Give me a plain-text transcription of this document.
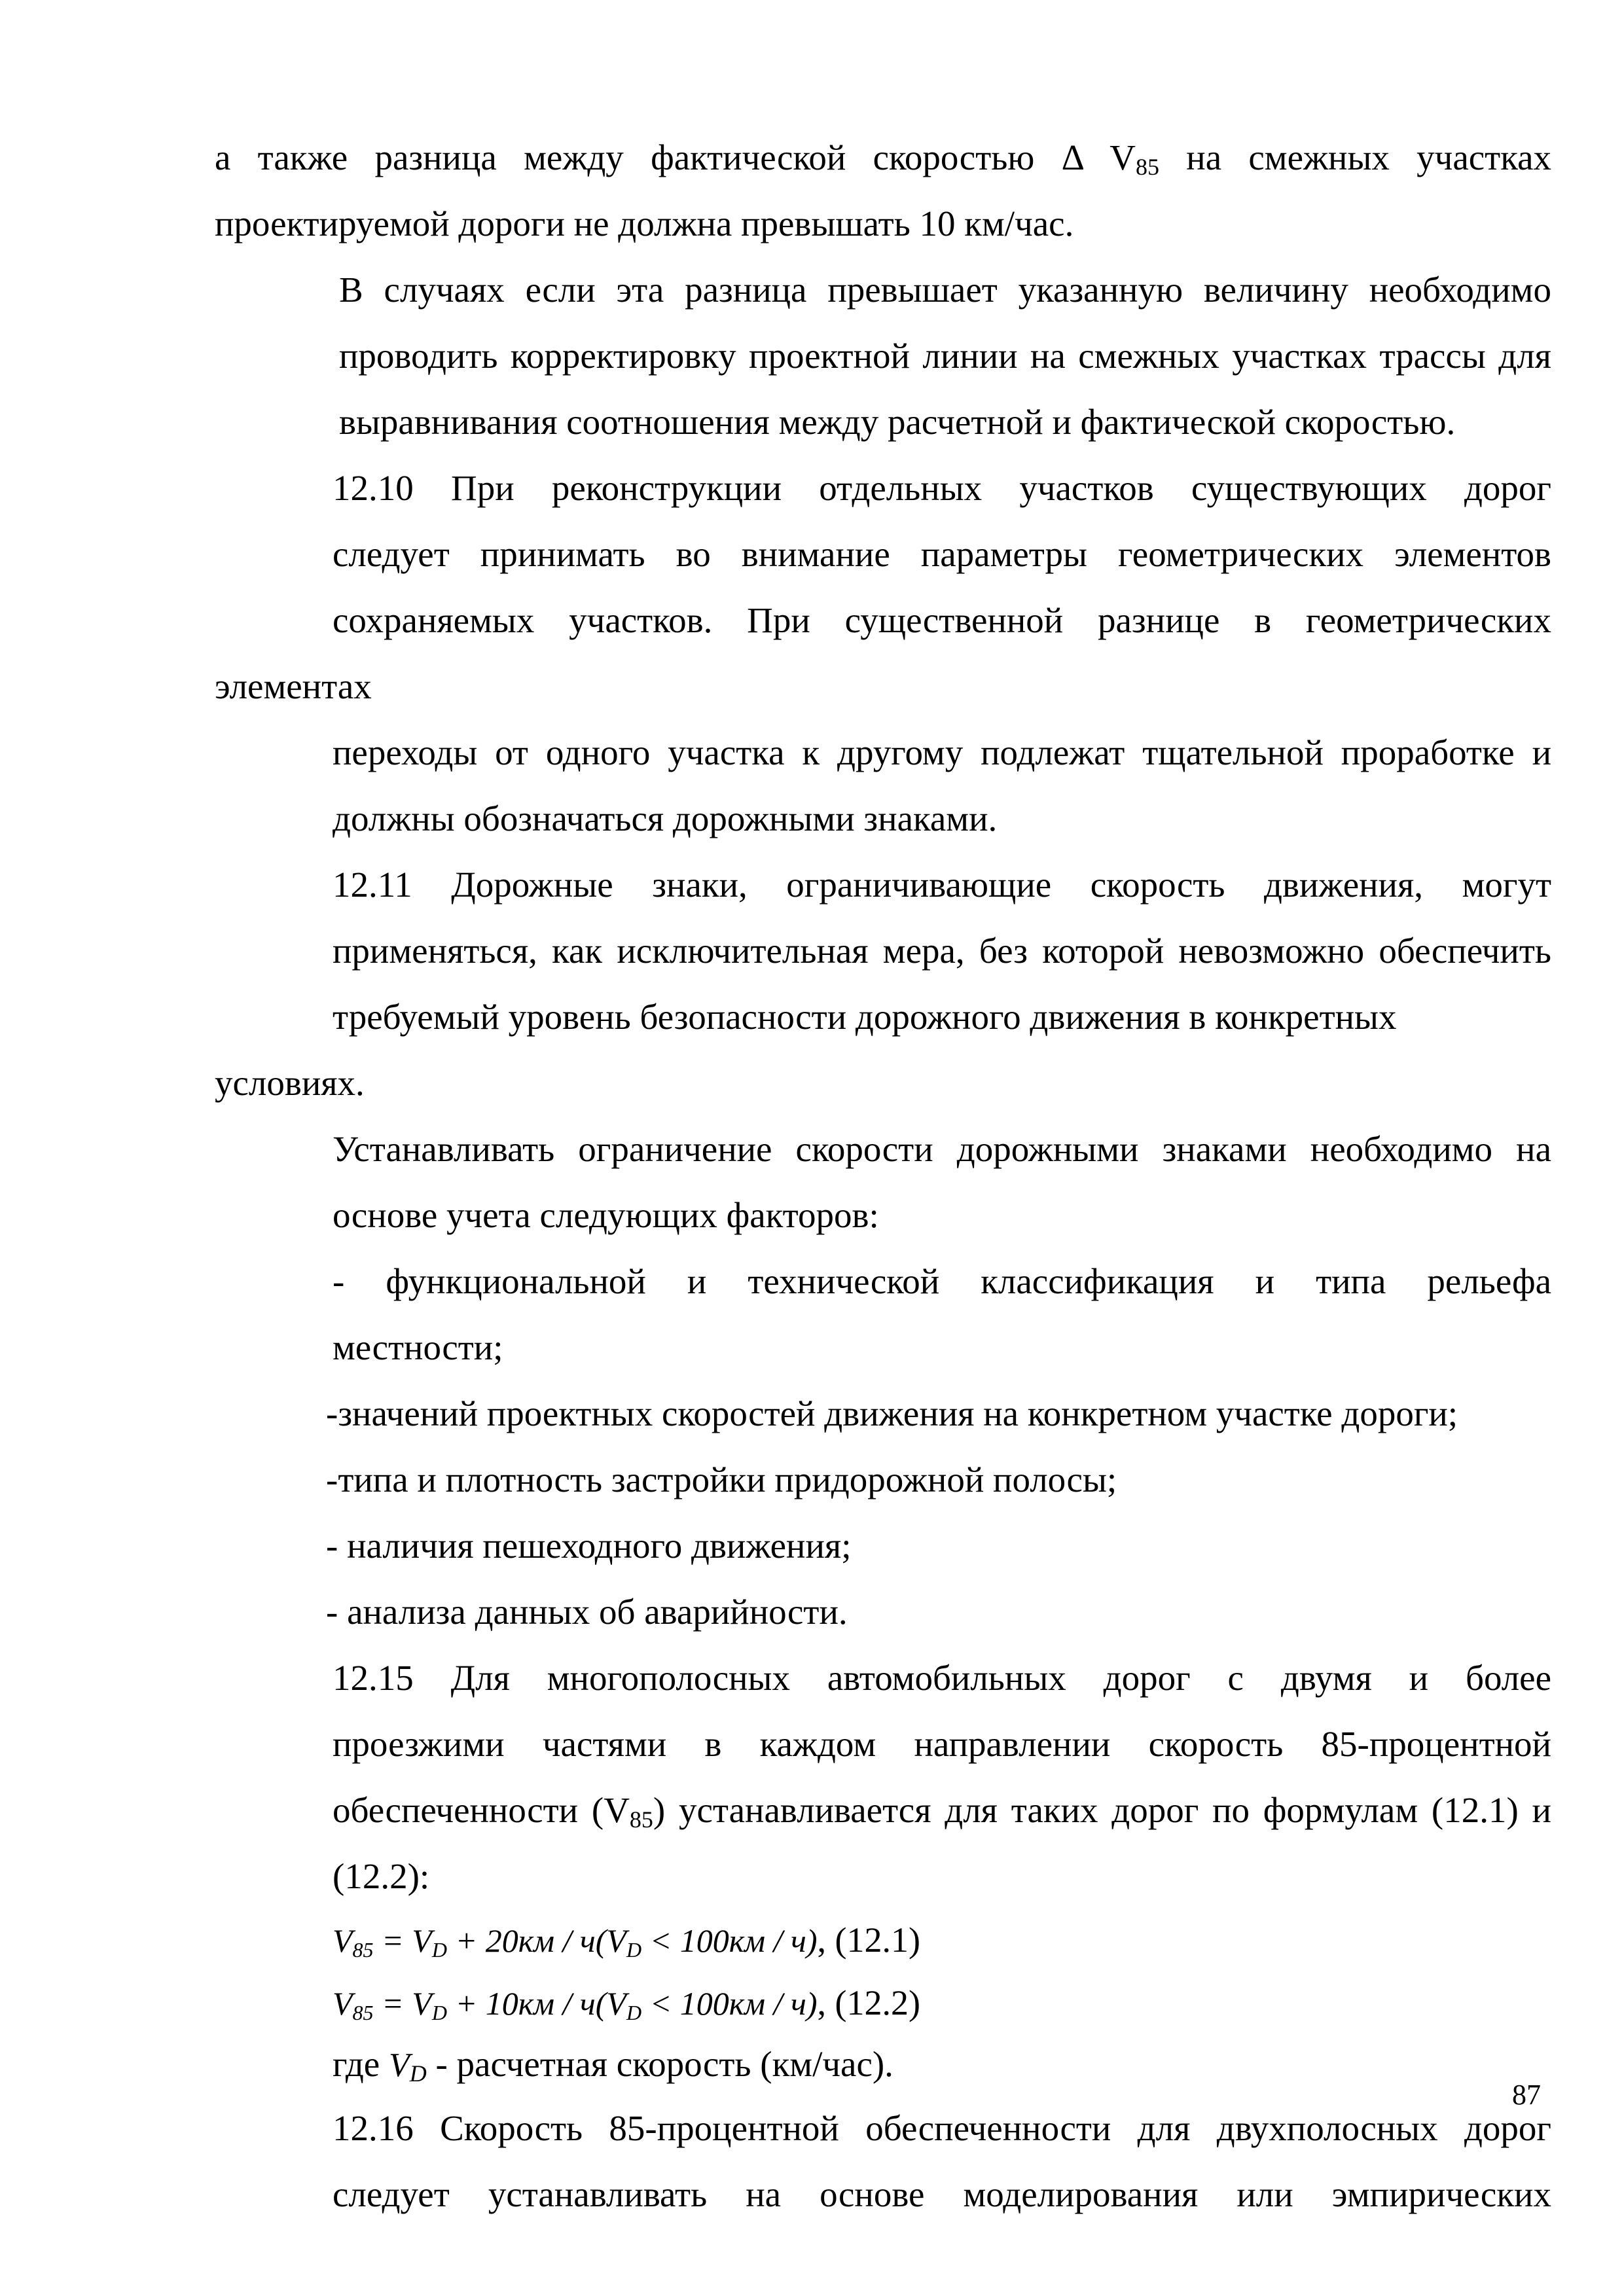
а также разница между фактической скоростью Δ $V_{85}$ на смежных участках
проектируемой дороги не должна превышать 10 км/час.

В случаях если эта разница превышает указанную величину необходимо
проводить корректировку проектной линии на смежных участках трассы для
выравнивания соотношения между расчетной и фактической скоростью.

12.10 При реконструкции отдельных участков существующих дорог
следует принимать во внимание параметры геометрических элементов
сохраняемых участков. При существенной разнице в геометрических элементах
переходы от одного участка к другому подлежат тщательной проработке и
должны обозначаться дорожными знаками.

12.11 Дорожные знаки, ограничивающие скорость движения, могут
применяться, как исключительная мера, без которой невозможно обеспечить
требуемый уровень безопасности дорожного движения в конкретных условиях.

Устанавливать ограничение скорости дорожными знаками необходимо на
основе учета следующих факторов:

- функциональной и технической классификация и типа рельефа
местности;

-значений проектных скоростей движения на конкретном участке дороги;

-типа и плотность застройки придорожной полосы;

- наличия пешеходного движения;

- анализа данных об аварийности.

12.15 Для многополосных автомобильных дорог с двумя и более
проезжими частями в каждом направлении скорость 85-процентной
обеспеченности $(V_{85})$ устанавливается для таких дорог по формулам (12.1) и
(12.2):

$V_{85} = V_D + 20км / ч(V_D < 100км / ч)$, (12.1)

$V_{85} = V_D + 10км / ч(V_D < 100км / ч)$, (12.2)

где $V_D$ - расчетная скорость (км/час).

12.16 Скорость 85-процентной обеспеченности для двухполосных дорог
следует устанавливать на основе моделирования или эмпирических

87
